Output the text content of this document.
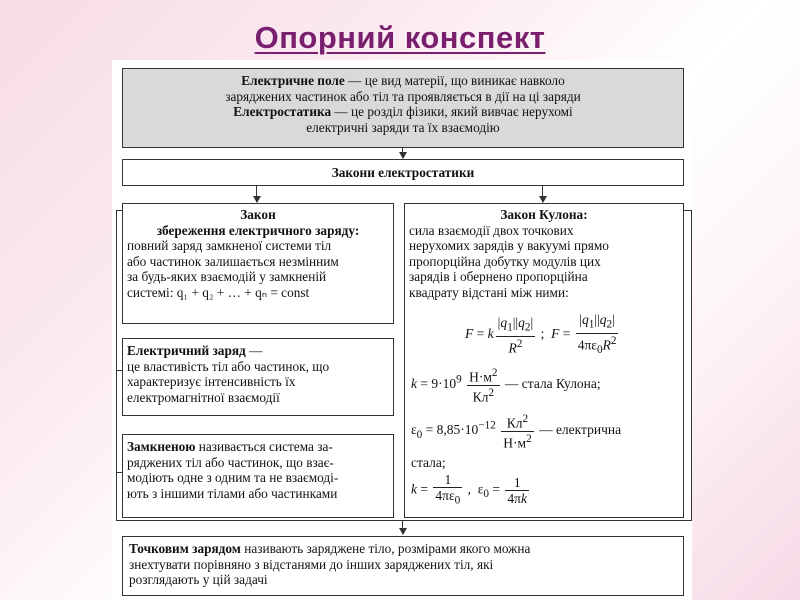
Опорний конспект
Електричне поле — це вид матерії, що виникає навколо
заряджених частинок або тіл та проявляється в дії на ці заряди
Електростатика — це розділ фізики, який вивчає нерухомі
електричні заряди та їх взаємодію
Закони електростатики
Закон
збереження електричного заряду:
повний заряд замкненої системи тіл
або частинок залишається незмінним
за будь-яких взаємодій у замкненій
системі: q₁ + q₂ + … + qₙ = const
Закон Кулона:
сила взаємодії двох точкових
нерухомих зарядів у вакуумі прямо
пропорційна добутку модулів цих
зарядів і обернено пропорційна
квадрату відстані між ними:
F = k $\frac{|q_1||q_2|}{R^2}$ ;  $F = \frac{|q_1||q_2|}{4\pi\varepsilon_0R^2}$
$k = 9\cdot 10^9 \frac{Н\cdot м^2}{Кл^2}$ — стала Кулона;
$\varepsilon_0 = 8,85\cdot 10^{-12} \frac{Кл^2}{Н\cdot м^2}$ — електрична
стала;
$k = \frac{1}{4\pi\varepsilon_0}$ ,  $\varepsilon_0 = \frac{1}{4\pi k}$
Електричний заряд —
це властивість тіл або частинок, що
характеризує інтенсивність їх
електромагнітної взаємодії
Замкненою називається система за-
ряджених тіл або частинок, що взає-
модіють одне з одним та не взаємоді-
ють з іншими тілами або частинками
Точковим зарядом називають заряджене тіло, розмірами якого можна
знехтувати порівняно з відстанями до інших заряджених тіл, які
розглядають у цій задачі
